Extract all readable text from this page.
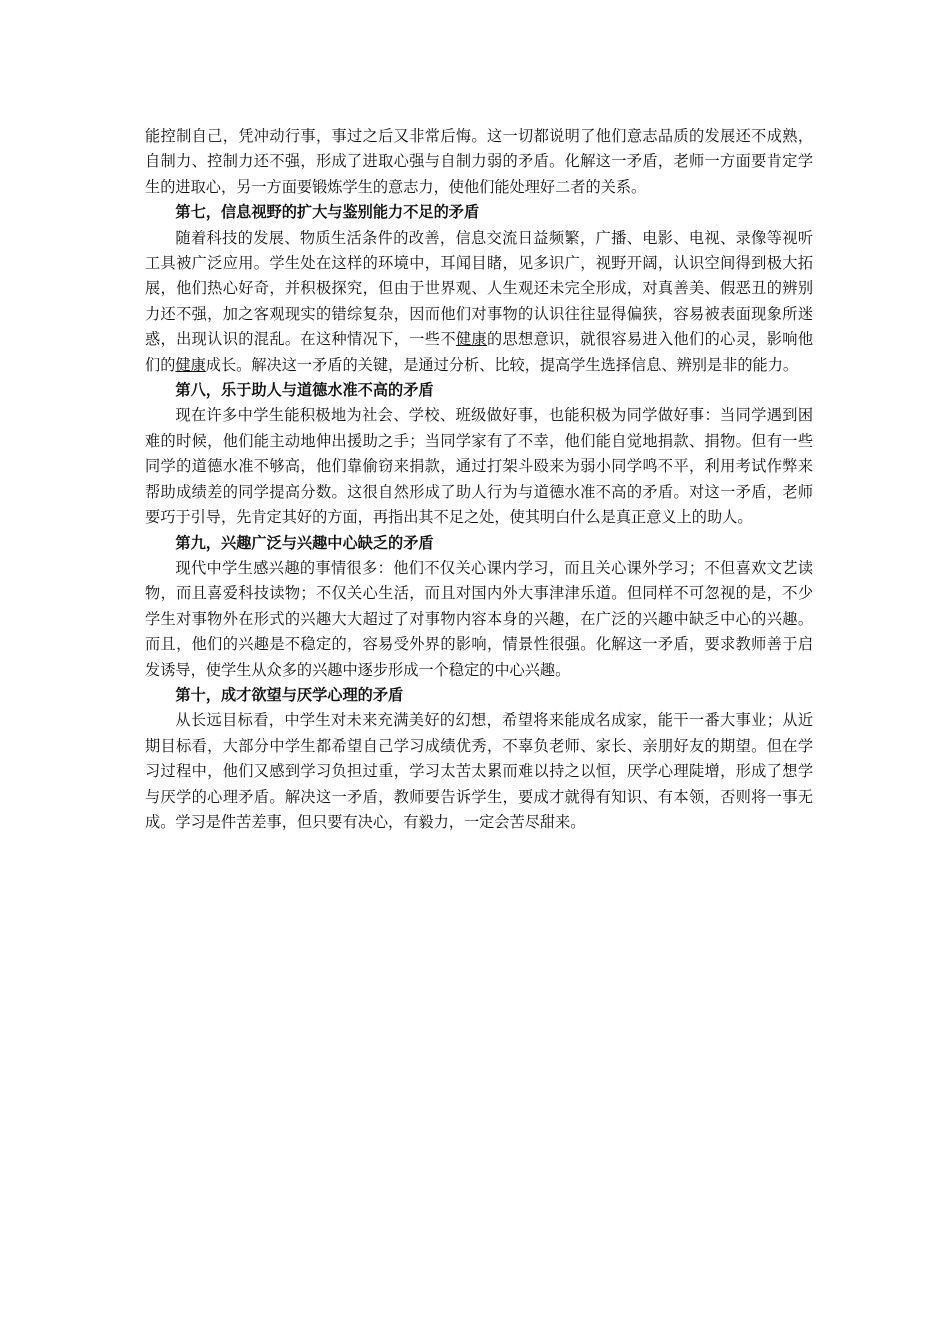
能控制自己，凭冲动行事，事过之后又非常后悔。这一切都说明了他们意志品质的发展还不成熟，自制力、控制力还不强，形成了进取心强与自制力弱的矛盾。化解这一矛盾，老师一方面要肯定学生的进取心，另一方面要锻炼学生的意志力，使他们能处理好二者的关系。

第七，信息视野的扩大与鉴别能力不足的矛盾

随着科技的发展、物质生活条件的改善，信息交流日益频繁，广播、电影、电视、录像等视听工具被广泛应用。学生处在这样的环境中，耳闻目睹，见多识广，视野开阔，认识空间得到极大拓展，他们热心好奇，并积极探究，但由于世界观、人生观还未完全形成，对真善美、假恶丑的辨别力还不强，加之客观现实的错综复杂，因而他们对事物的认识往往显得偏狭，容易被表面现象所迷惑，出现认识的混乱。在这种情况下，一些不健康的思想意识，就很容易进入他们的心灵，影响他们的健康成长。解决这一矛盾的关键，是通过分析、比较，提高学生选择信息、辨别是非的能力。

第八，乐于助人与道德水准不高的矛盾

现在许多中学生能积极地为社会、学校、班级做好事，也能积极为同学做好事：当同学遇到困难的时候，他们能主动地伸出援助之手；当同学家有了不幸，他们能自觉地捐款、捐物。但有一些同学的道德水准不够高，他们靠偷窃来捐款，通过打架斗殴来为弱小同学鸣不平，利用考试作弊来帮助成绩差的同学提高分数。这很自然形成了助人行为与道德水准不高的矛盾。对这一矛盾，老师要巧于引导，先肯定其好的方面，再指出其不足之处，使其明白什么是真正意义上的助人。

第九，兴趣广泛与兴趣中心缺乏的矛盾

现代中学生感兴趣的事情很多：他们不仅关心课内学习，而且关心课外学习；不但喜欢文艺读物，而且喜爱科技读物；不仅关心生活，而且对国内外大事津津乐道。但同样不可忽视的是，不少学生对事物外在形式的兴趣大大超过了对事物内容本身的兴趣，在广泛的兴趣中缺乏中心的兴趣。而且，他们的兴趣是不稳定的，容易受外界的影响，情景性很强。化解这一矛盾，要求教师善于启发诱导，使学生从众多的兴趣中逐步形成一个稳定的中心兴趣。

第十，成才欲望与厌学心理的矛盾

从长远目标看，中学生对未来充满美好的幻想，希望将来能成名成家，能干一番大事业；从近期目标看，大部分中学生都希望自己学习成绩优秀，不辜负老师、家长、亲朋好友的期望。但在学习过程中，他们又感到学习负担过重，学习太苦太累而难以持之以恒，厌学心理陡增，形成了想学与厌学的心理矛盾。解决这一矛盾，教师要告诉学生，要成才就得有知识、有本领，否则将一事无成。学习是件苦差事，但只要有决心，有毅力，一定会苦尽甜来。
